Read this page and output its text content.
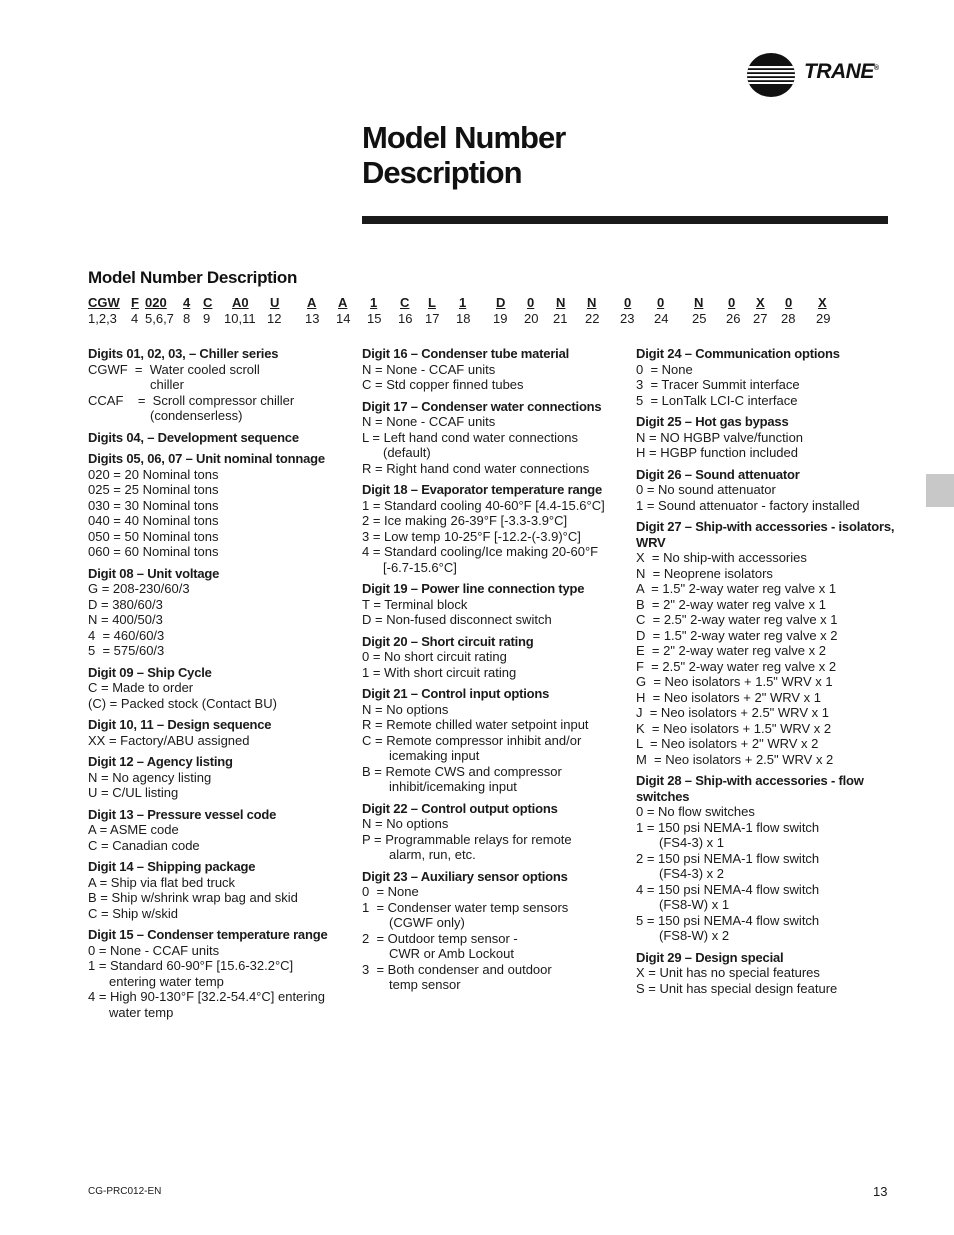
TRANE®
Model Number
Description
Model Number Description
CGW
1,2,3
F
4
020
5,6,7
4
8
C
9
A0
10,11
U
12
A
13
A
14
1
15
C
16
L
17
1
18
D
19
0
20
N
21
N
22
0
23
0
24
N
25
0
26
X
27
0
28
X
29
Digits 01, 02, 03, – Chiller series
CGWF  =  Water cooled scroll
chiller
CCAF    =  Scroll compressor chiller
(condenserless)
Digits 04, – Development sequence
Digits 05, 06, 07 – Unit nominal tonnage
020 = 20 Nominal tons
025 = 25 Nominal tons
030 = 30 Nominal tons
040 = 40 Nominal tons
050 = 50 Nominal tons
060 = 60 Nominal tons
Digit 08 – Unit voltage
G = 208-230/60/3
D = 380/60/3
N = 400/50/3
4  = 460/60/3
5  = 575/60/3
Digit 09 – Ship Cycle
C = Made to order
(C) = Packed stock (Contact BU)
Digit 10, 11 – Design sequence
XX = Factory/ABU assigned
Digit 12 – Agency listing
N = No agency listing
U = C/UL listing
Digit 13 – Pressure vessel code
A = ASME code
C = Canadian code
Digit 14 – Shipping package
A = Ship via flat bed truck
B = Ship w/shrink wrap bag and skid
C = Ship w/skid
Digit 15 – Condenser temperature range
0 = None - CCAF units
1 = Standard 60-90°F [15.6-32.2°C]
entering water temp
4 = High 90-130°F [32.2-54.4°C] entering
water temp
Digit 16 – Condenser tube material
N = None - CCAF units
C = Std copper finned tubes
Digit 17 – Condenser water connections
N = None - CCAF units
L = Left hand cond water connections
(default)
R = Right hand cond water connections
Digit 18 – Evaporator temperature range
1 = Standard cooling 40-60°F [4.4-15.6°C]
2 = Ice making 26-39°F [-3.3-3.9°C]
3 = Low temp 10-25°F [-12.2-(-3.9)°C]
4 = Standard cooling/Ice making 20-60°F
[-6.7-15.6°C]
Digit 19 – Power line connection type
T = Terminal block
D = Non-fused disconnect switch
Digit 20 – Short circuit rating
0 = No short circuit rating
1 = With short circuit rating
Digit 21 – Control input options
N = No options
R = Remote chilled water setpoint input
C = Remote compressor inhibit and/or
icemaking input
B = Remote CWS and compressor
inhibit/icemaking input
Digit 22 – Control output options
N = No options
P = Programmable relays for remote
alarm, run, etc.
Digit 23 – Auxiliary sensor options
0  = None
1  = Condenser water temp sensors
(CGWF only)
2  = Outdoor temp sensor -
CWR or Amb Lockout
3  = Both condenser and outdoor
temp sensor
Digit 24 – Communication options
0  = None
3  = Tracer Summit interface
5  = LonTalk LCI-C interface
Digit 25 – Hot gas bypass
N = NO HGBP valve/function
H = HGBP function included
Digit 26 – Sound attenuator
0 = No sound attenuator
1 = Sound attenuator - factory installed
Digit 27 – Ship-with accessories - isolators, WRV
X  = No ship-with accessories
N  = Neoprene isolators
A  = 1.5" 2-way water reg valve x 1
B  = 2" 2-way water reg valve x 1
C  = 2.5" 2-way water reg valve x 1
D  = 1.5" 2-way water reg valve x 2
E  = 2" 2-way water reg valve x 2
F  = 2.5" 2-way water reg valve x 2
G  = Neo isolators + 1.5" WRV x 1
H  = Neo isolators + 2" WRV x 1
J  = Neo isolators + 2.5" WRV x 1
K  = Neo isolators + 1.5" WRV x 2
L  = Neo isolators + 2" WRV x 2
M  = Neo isolators + 2.5" WRV x 2
Digit 28 – Ship-with accessories - flow switches
0 = No flow switches
1 = 150 psi NEMA-1 flow switch
(FS4-3) x 1
2 = 150 psi NEMA-1 flow switch
(FS4-3) x 2
4 = 150 psi NEMA-4 flow switch
(FS8-W) x 1
5 = 150 psi NEMA-4 flow switch
(FS8-W) x 2
Digit 29 – Design special
X = Unit has no special features
S = Unit has special design feature
CG-PRC012-EN	13
